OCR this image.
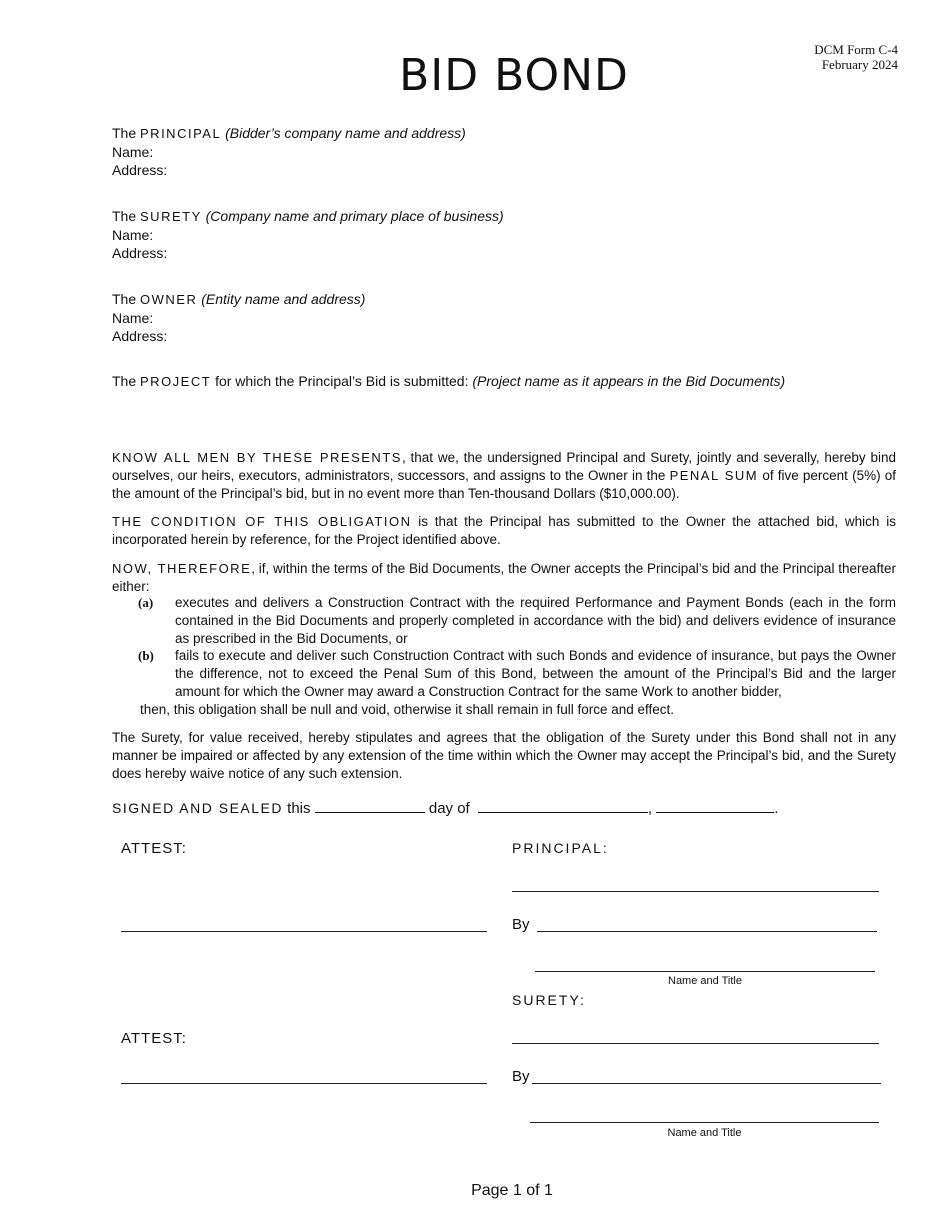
DCM Form C-4
February 2024
BID BOND
The PRINCIPAL (Bidder’s company name and address)
Name:
Address:
The SURETY (Company name and primary place of business)
Name:
Address:
The OWNER (Entity name and address)
Name:
Address:
The PROJECT for which the Principal’s Bid is submitted: (Project name as it appears in the Bid Documents)
KNOW ALL MEN BY THESE PRESENTS, that we, the undersigned Principal and Surety, jointly and severally, hereby bind ourselves, our heirs, executors, administrators, successors, and assigns to the Owner in the PENAL SUM of five percent (5%) of the amount of the Principal’s bid, but in no event more than Ten-thousand Dollars ($10,000.00).
THE CONDITION OF THIS OBLIGATION is that the Principal has submitted to the Owner the attached bid, which is incorporated herein by reference, for the Project identified above.
NOW, THEREFORE, if, within the terms of the Bid Documents, the Owner accepts the Principal’s bid and the Principal thereafter either:
(a) executes and delivers a Construction Contract with the required Performance and Payment Bonds (each in the form contained in the Bid Documents and properly completed in accordance with the bid) and delivers evidence of insurance as prescribed in the Bid Documents, or
(b) fails to execute and deliver such Construction Contract with such Bonds and evidence of insurance, but pays the Owner the difference, not to exceed the Penal Sum of this Bond, between the amount of the Principal’s Bid and the larger amount for which the Owner may award a Construction Contract for the same Work to another bidder,
then, this obligation shall be null and void, otherwise it shall remain in full force and effect.
The Surety, for value received, hereby stipulates and agrees that the obligation of the Surety under this Bond shall not in any manner be impaired or affected by any extension of the time within which the Owner may accept the Principal’s bid, and the Surety does hereby waive notice of any such extension.
SIGNED AND SEALED this	day of	,	.
ATTEST:	PRINCIPAL:
By
Name and Title
SURETY:
ATTEST:
By
Name and Title
Page 1 of 1
